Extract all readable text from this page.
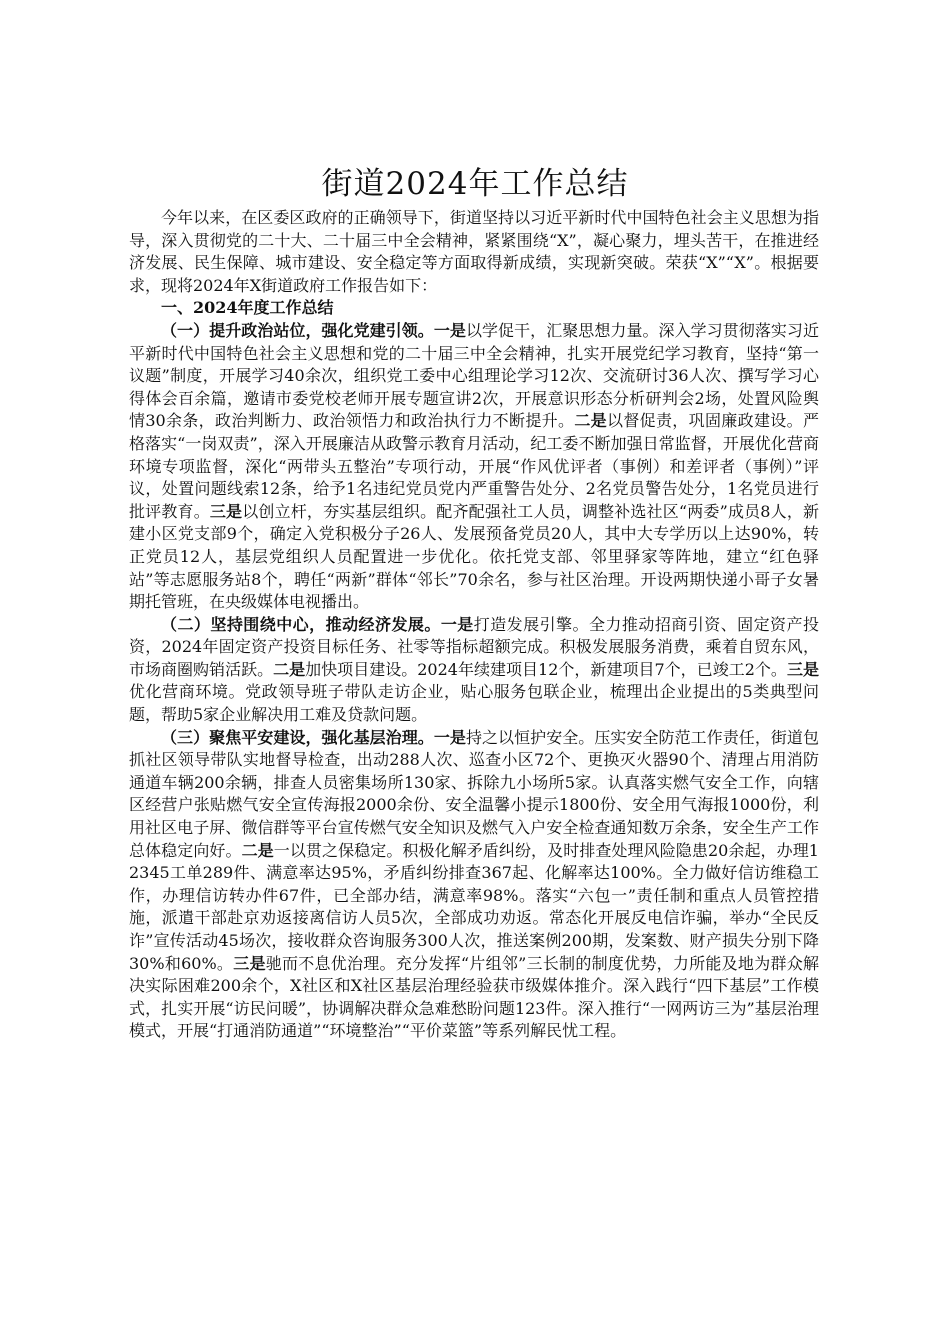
街道2024年工作总结

今年以来，在区委区政府的正确领导下，街道坚持以习近平新时代中国特色社会主义思想为指导，深入贯彻党的二十大、二十届三中全会精神，紧紧围绕“X”，凝心聚力，埋头苦干，在推进经济发展、民生保障、城市建设、安全稳定等方面取得新成绩，实现新突破。荣获“X”“X”。根据要求，现将2024年X街道政府工作报告如下：

一、2024年度工作总结

（一）提升政治站位，强化党建引领。一是以学促干，汇聚思想力量。深入学习贯彻落实习近平新时代中国特色社会主义思想和党的二十届三中全会精神，扎实开展党纪学习教育，坚持“第一议题”制度，开展学习40余次，组织党工委中心组理论学习12次、交流研讨36人次、撰写学习心得体会百余篇，邀请市委党校老师开展专题宣讲2次，开展意识形态分析研判会2场，处置风险舆情30余条，政治判断力、政治领悟力和政治执行力不断提升。二是以督促责，巩固廉政建设。严格落实“一岗双责”，深入开展廉洁从政警示教育月活动，纪工委不断加强日常监督，开展优化营商环境专项监督，深化“两带头五整治”专项行动，开展“作风优评者（事例）和差评者（事例）”评议，处置问题线索12条，给予1名违纪党员党内严重警告处分、2名党员警告处分，1名党员进行批评教育。三是以创立杆，夯实基层组织。配齐配强社工人员，调整补选社区“两委”成员8人，新建小区党支部9个，确定入党积极分子26人、发展预备党员20人，其中大专学历以上达90%，转正党员12人，基层党组织人员配置进一步优化。依托党支部、邻里驿家等阵地，建立“红色驿站”等志愿服务站8个，聘任“两新”群体“邻长”70余名，参与社区治理。开设两期快递小哥子女暑期托管班，在央级媒体电视播出。

（二）坚持围绕中心，推动经济发展。一是打造发展引擎。全力推动招商引资、固定资产投资，2024年固定资产投资目标任务、社零等指标超额完成。积极发展服务消费，乘着自贸东风，市场商圈购销活跃。二是加快项目建设。2024年续建项目12个，新建项目7个，已竣工2个。三是优化营商环境。党政领导班子带队走访企业，贴心服务包联企业，梳理出企业提出的5类典型问题，帮助5家企业解决用工难及贷款问题。

（三）聚焦平安建设，强化基层治理。一是持之以恒护安全。压实安全防范工作责任，街道包抓社区领导带队实地督导检查，出动288人次、巡查小区72个、更换灭火器90个、清理占用消防通道车辆200余辆，排查人员密集场所130家、拆除九小场所5家。认真落实燃气安全工作，向辖区经营户张贴燃气安全宣传海报2000余份、安全温馨小提示1800份、安全用气海报1000份，利用社区电子屏、微信群等平台宣传燃气安全知识及燃气入户安全检查通知数万余条，安全生产工作总体稳定向好。二是一以贯之保稳定。积极化解矛盾纠纷，及时排查处理风险隐患20余起，办理12345工单289件、满意率达95%，矛盾纠纷排查367起、化解率达100%。全力做好信访维稳工作，办理信访转办件67件，已全部办结，满意率98%。落实“六包一”责任制和重点人员管控措施，派遣干部赴京劝返接离信访人员5次，全部成功劝返。常态化开展反电信诈骗，举办“全民反诈”宣传活动45场次，接收群众咨询服务300人次，推送案例200期，发案数、财产损失分别下降30%和60%。三是驰而不息优治理。充分发挥“片组邻”三长制的制度优势，力所能及地为群众解决实际困难200余个，X社区和X社区基层治理经验获市级媒体推介。深入践行“四下基层”工作模式，扎实开展“访民问暖”，协调解决群众急难愁盼问题123件。深入推行“一网两访三为”基层治理模式，开展“打通消防通道”“环境整治”“平价菜篮”等系列解民忧工程。
